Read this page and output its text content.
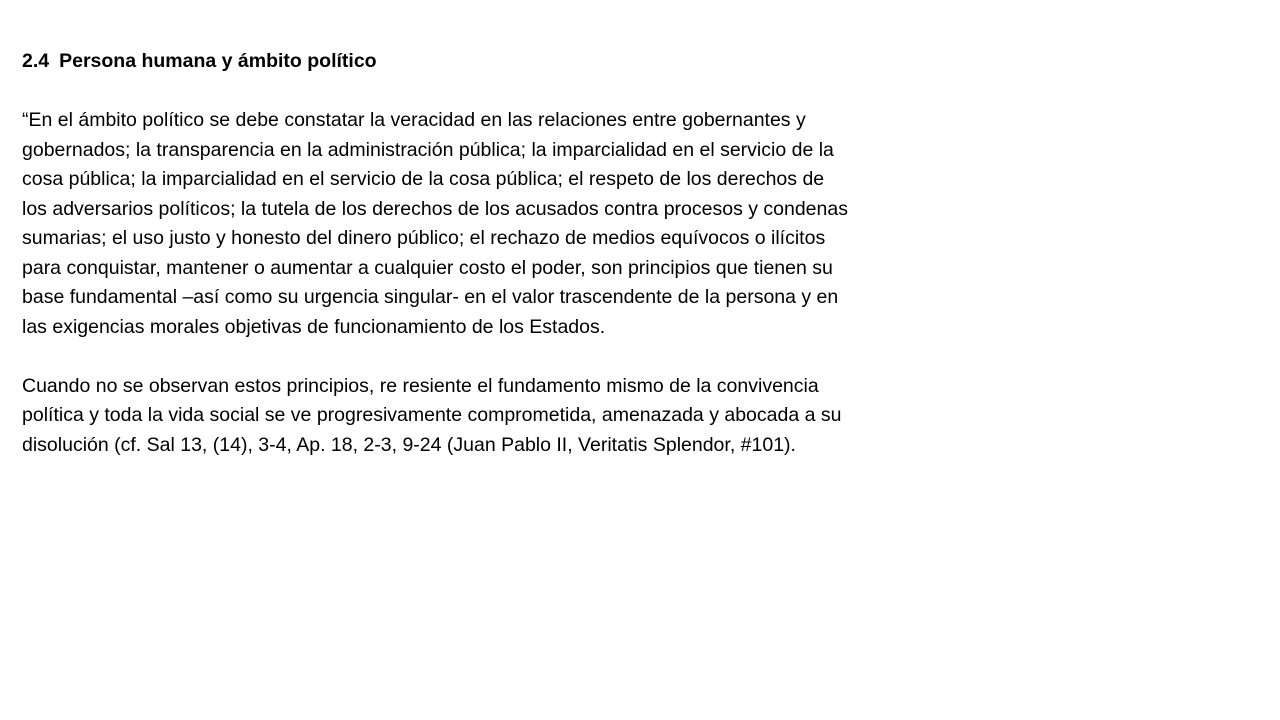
2.4 Persona humana y ámbito político

“En el ámbito político se debe constatar la veracidad en las relaciones entre gobernantes y
gobernados; la transparencia en la administración pública; la imparcialidad en el servicio de la
cosa pública; la imparcialidad en el servicio de la cosa pública; el respeto de los derechos de
los adversarios políticos; la tutela de los derechos de los acusados contra procesos y condenas
sumarias; el uso justo y honesto del dinero público; el rechazo de medios equívocos o ilícitos
para conquistar, mantener o aumentar a cualquier costo el poder, son principios que tienen su
base fundamental –así como su urgencia singular- en el valor trascendente de la persona y en
las exigencias morales objetivas de funcionamiento de los Estados.

Cuando no se observan estos principios, re resiente el fundamento mismo de la convivencia
política y toda la vida social se ve progresivamente comprometida, amenazada y abocada a su
disolución (cf. Sal 13, (14), 3-4, Ap. 18, 2-3, 9-24 (Juan Pablo II, Veritatis Splendor, #101).
